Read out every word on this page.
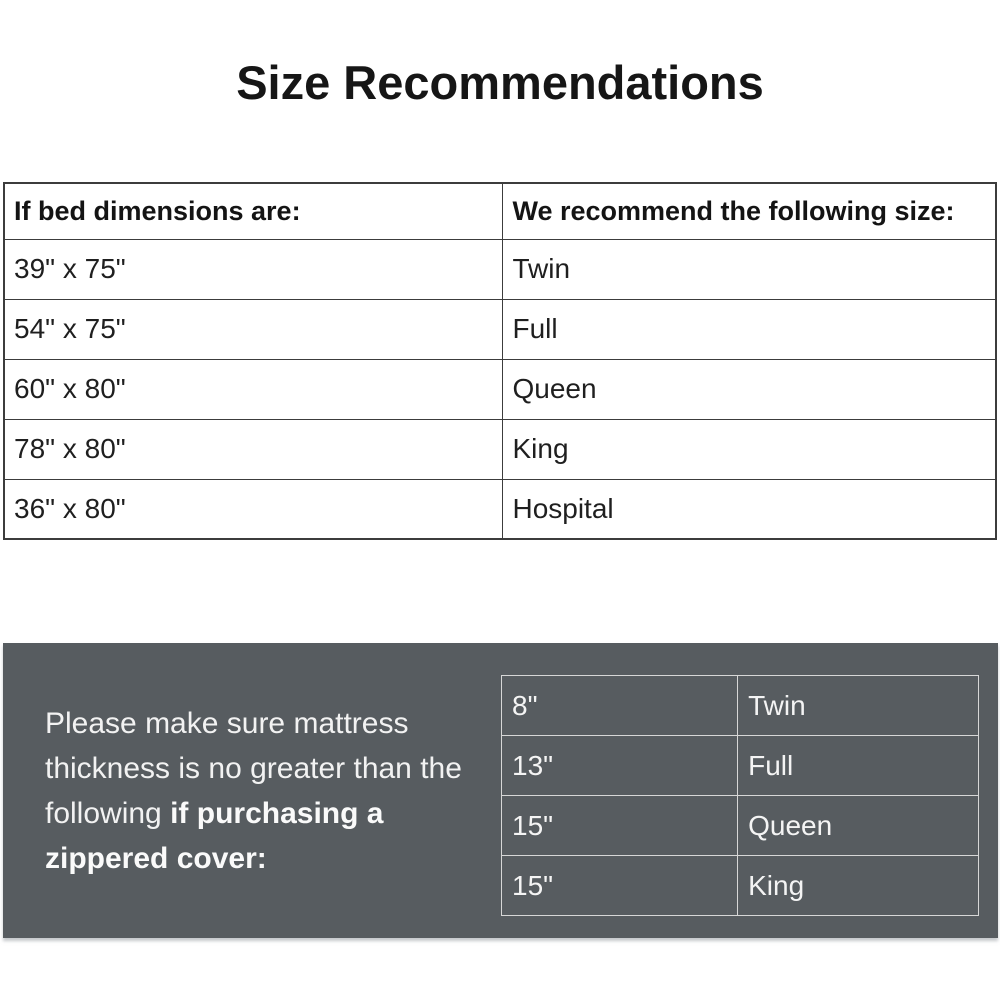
Size Recommendations
If bed dimensions are:	We recommend the following size:
39" x 75"	Twin
54" x 75"	Full
60" x 80"	Queen
78" x 80"	King
36" x 80"	Hospital

Please make sure mattress thickness is no greater than the following if purchasing a zippered cover:

8"	Twin
13"	Full
15"	Queen
15"	King
